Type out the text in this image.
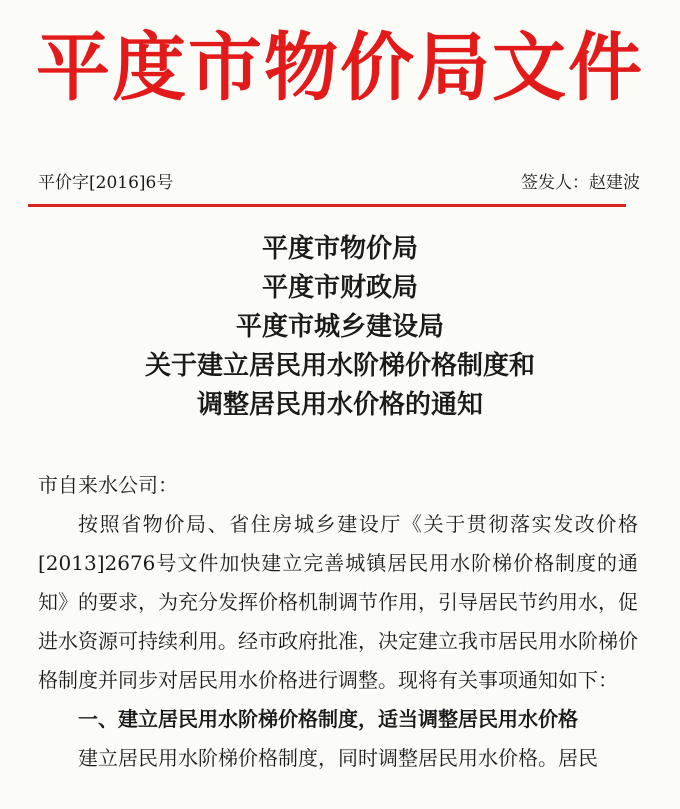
平度市物价局文件
平价字[2016]6号	签发人：赵建波
平度市物价局
平度市财政局
平度市城乡建设局
关于建立居民用水阶梯价格制度和
调整居民用水价格的通知
市自来水公司：
按照省物价局、省住房城乡建设厅《关于贯彻落实发改价格[2013]2676号文件加快建立完善城镇居民用水阶梯价格制度的通知》的要求，为充分发挥价格机制调节作用，引导居民节约用水，促进水资源可持续利用。经市政府批准，决定建立我市居民用水阶梯价格制度并同步对居民用水价格进行调整。现将有关事项通知如下：
一、建立居民用水阶梯价格制度，适当调整居民用水价格
建立居民用水阶梯价格制度，同时调整居民用水价格。居民
